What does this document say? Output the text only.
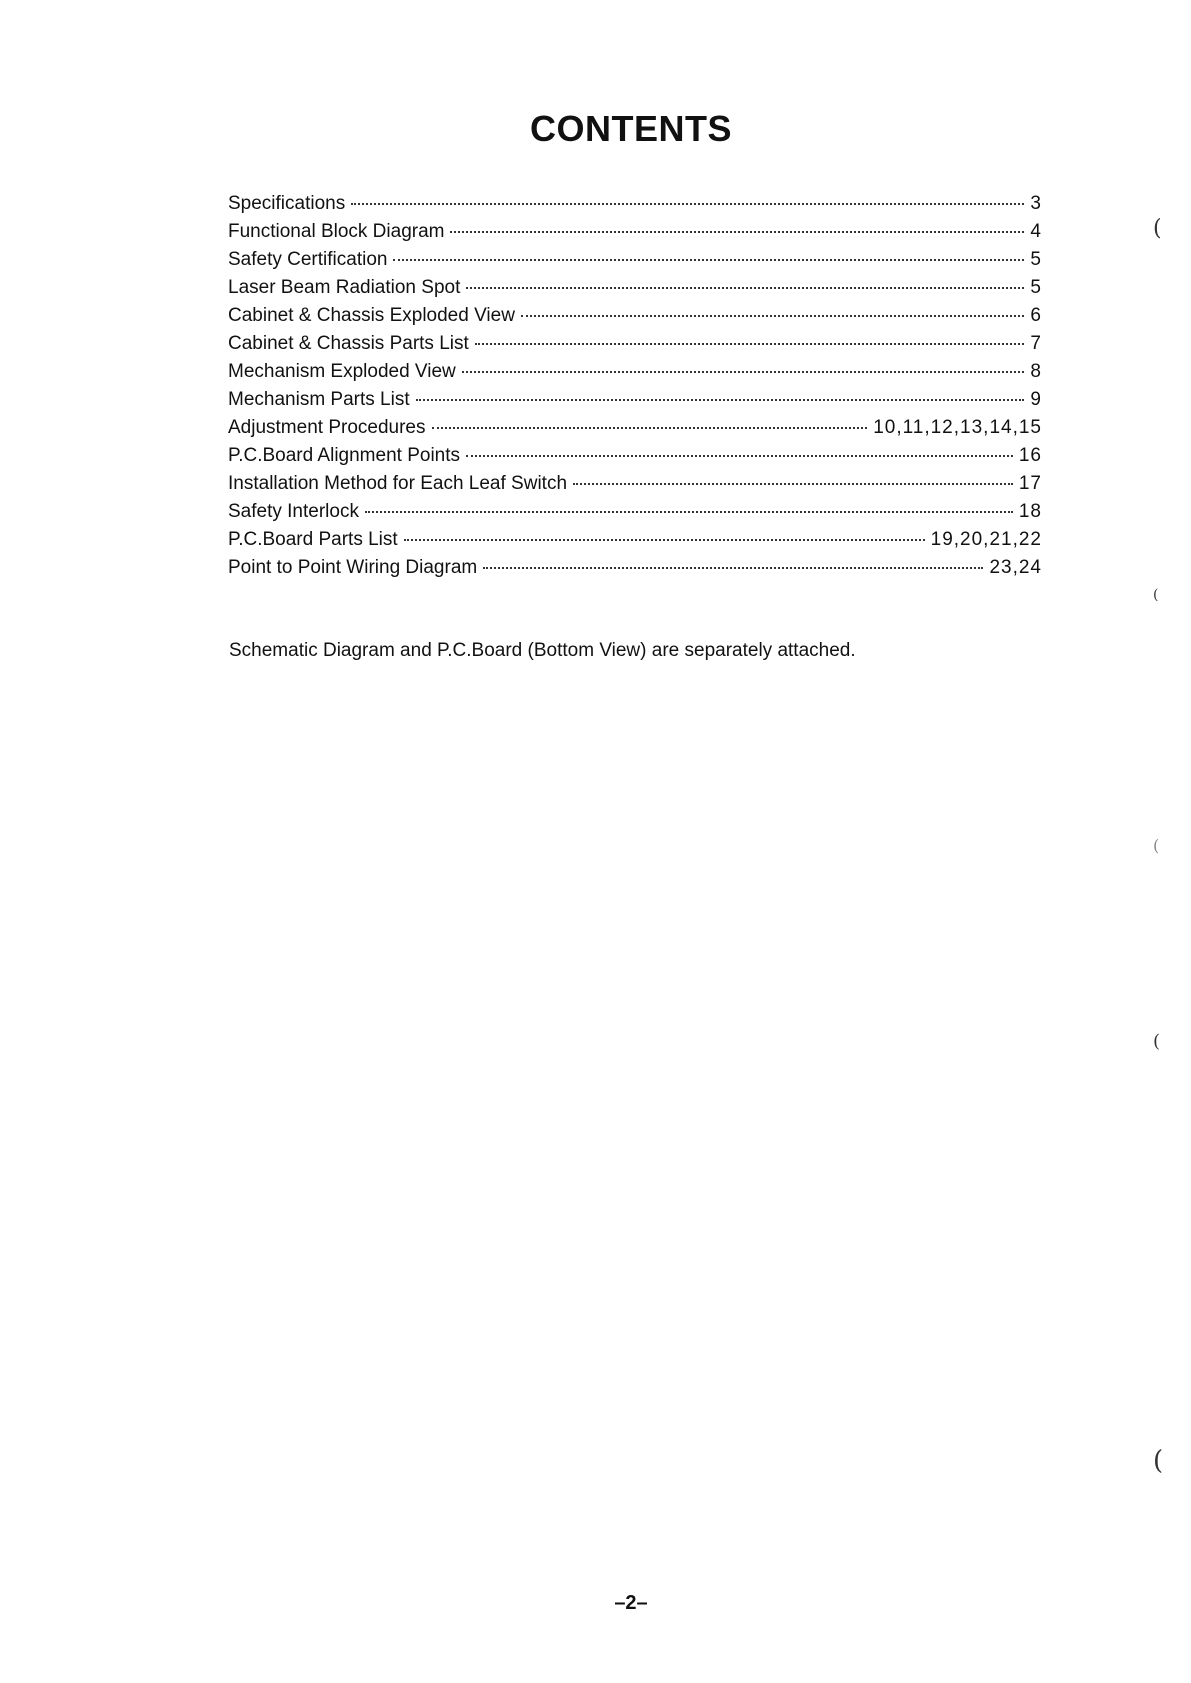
CONTENTS
Specifications	3
Functional Block Diagram	4
Safety Certification	5
Laser Beam Radiation Spot	5
Cabinet & Chassis Exploded View	6
Cabinet & Chassis Parts List	7
Mechanism Exploded View	8
Mechanism Parts List	9
Adjustment Procedures	10,11,12,13,14,15
P.C.Board Alignment Points	16
Installation Method for Each Leaf Switch	17
Safety Interlock	18
P.C.Board Parts List	19,20,21,22
Point to Point Wiring Diagram	23,24

Schematic Diagram and P.C.Board (Bottom View) are separately attached.

–2–

(
(
(
(
(
